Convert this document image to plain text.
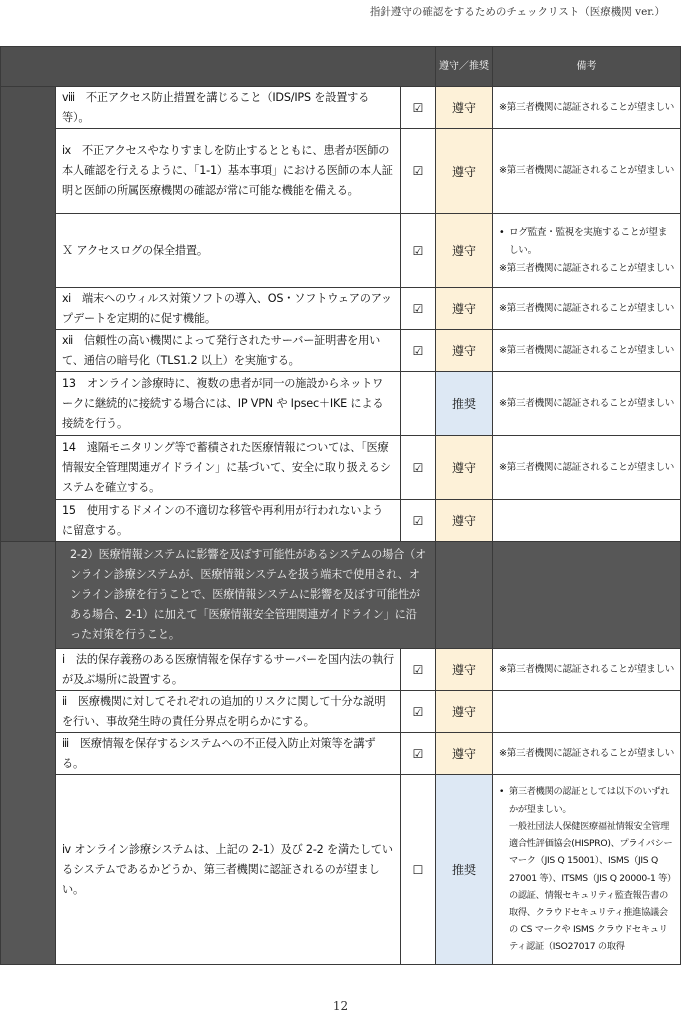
指針遵守の確認をするためのチェックリスト（医療機関 ver.）
			遵守／推奨	備考
	ⅷ　不正アクセス防止措置を講じること（IDS/IPS を設置する等）。	☑	遵守	※第三者機関に認証されることが望ましい
	ⅸ　不正アクセスやなりすましを防止するとともに、患者が医師の本人確認を行えるように、「1-1）基本事項」における医師の本人証明と医師の所属医療機関の確認が常に可能な機能を備える。	☑	遵守	※第三者機関に認証されることが望ましい
	Ｘ アクセスログの保全措置。	☑	遵守	• ログ監査・監視を実施することが望ましい。
※第三者機関に認証されることが望ましい
	ⅺ　端末へのウィルス対策ソフトの導入、OS・ソフトウェアのアップデートを定期的に促す機能。	☑	遵守	※第三者機関に認証されることが望ましい
	ⅻ　信頼性の高い機関によって発行されたサーバー証明書を用いて、通信の暗号化（TLS1.2 以上）を実施する。	☑	遵守	※第三者機関に認証されることが望ましい
	13　オンライン診療時に、複数の患者が同一の施設からネットワークに継続的に接続する場合には、IP VPN や Ipsec＋IKE による接続を行う。		推奨	※第三者機関に認証されることが望ましい
	14　遠隔モニタリング等で蓄積された医療情報については、「医療情報安全管理関連ガイドライン」に基づいて、安全に取り扱えるシステムを確立する。	☑	遵守	※第三者機関に認証されることが望ましい
	15　使用するドメインの不適切な移管や再利用が行われないように留意する。	☑	遵守	
	2-2）医療情報システムに影響を及ぼす可能性があるシステムの場合（オンライン診療システムが、医療情報システムを扱う端末で使用され、オンライン診療を行うことで、医療情報システムに影響を及ぼす可能性がある場合、2-1）に加えて「医療情報安全管理関連ガイドライン」に沿った対策を行うこと。			
	ⅰ　法的保存義務のある医療情報を保存するサーバーを国内法の執行が及ぶ場所に設置する。	☑	遵守	※第三者機関に認証されることが望ましい
	ⅱ　医療機関に対してそれぞれの追加的リスクに関して十分な説明を行い、事故発生時の責任分界点を明らかにする。	☑	遵守	
	ⅲ　医療情報を保存するシステムへの不正侵入防止対策等を講ずる。	☑	遵守	※第三者機関に認証されることが望ましい
	ⅳ オンライン診療システムは、上記の 2-1）及び 2-2 を満たしているシステムであるかどうか、第三者機関に認証されるのが望ましい。	☐	推奨	• 第三者機関の認証としては以下のいずれかが望ましい。
一般社団法人保健医療福祉情報安全管理適合性評価協会(HISPRO)、プライバシーマーク（JIS Q 15001）、ISMS（JIS Q 27001 等）、ITSMS（JIS Q 20000-1 等）の認証、情報セキュリティ監査報告書の取得、クラウドセキュリティ推進協議会の CS マークや ISMS クラウドセキュリティ認証（ISO27017 の取得
12
